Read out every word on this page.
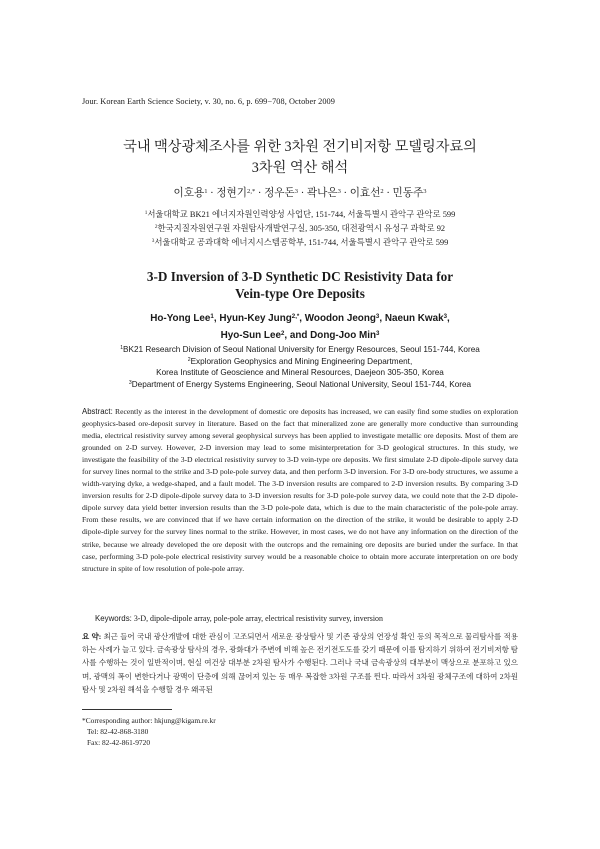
Jour. Korean Earth Science Society, v. 30, no. 6, p. 699−708, October 2009
국내 맥상광체조사를 위한 3차원 전기비저항 모델링자료의
3차원 역산 해석
이호용$^1$ · 정현기$^{2,*}$ · 정우돈$^3$ · 곽나은$^3$ · 이효선$^2$ · 민동주$^3$
$^1$서울대학교 BK21 에너지자원인력양성 사업단, 151-744, 서울특별시 관악구 관악로 599
$^2$한국지질자원연구원 자원탐사개발연구실, 305-350, 대전광역시 유성구 과학로 92
$^3$서울대학교 공과대학 에너지시스템공학부, 151-744, 서울특별시 관악구 관악로 599
3-D Inversion of 3-D Synthetic DC Resistivity Data for
Vein-type Ore Deposits
Ho-Yong Lee$^1$, Hyun-Key Jung$^{2,*}$, Woodon Jeong$^3$, Naeun Kwak$^3$,
Hyo-Sun Lee$^2$, and Dong-Joo Min$^3$
$^1$BK21 Research Division of Seoul National University for Energy Resources, Seoul 151-744, Korea
$^2$Exploration Geophysics and Mining Engineering Department,
Korea Institute of Geoscience and Mineral Resources, Daejeon 305-350, Korea
$^3$Department of Energy Systems Engineering, Seoul National University, Seoul 151-744, Korea
Abstract: Recently as the interest in the development of domestic ore deposits has increased, we can easily find some studies on exploration geophysics-based ore-deposit survey in literature. Based on the fact that mineralized zone are generally more conductive than surrounding media, electrical resistivity survey among several geophysical surveys has been applied to investigate metallic ore deposits. Most of them are grounded on 2-D survey. However, 2-D inversion may lead to some misinterpretation for 3-D geological structures. In this study, we investigate the feasibility of the 3-D electrical resistivity survey to 3-D vein-type ore deposits. We first simulate 2-D dipole-dipole survey data for survey lines normal to the strike and 3-D pole-pole survey data, and then perform 3-D inversion. For 3-D ore-body structures, we assume a width-varying dyke, a wedge-shaped, and a fault model. The 3-D inversion results are compared to 2-D inversion results. By comparing 3-D inversion results for 2-D dipole-dipole survey data to 3-D inversion results for 3-D pole-pole survey data, we could note that the 2-D dipole-dipole survey data yield better inversion results than the 3-D pole-pole data, which is due to the main characteristic of the pole-pole array. From these results, we are convinced that if we have certain information on the direction of the strike, it would be desirable to apply 2-D dipole-diple survey for the survey lines normal to the strike. However, in most cases, we do not have any information on the direction of the strike, because we already developed the ore deposit with the outcrops and the remaining ore deposits are buried under the surface. In that case, performing 3-D pole-pole electrical resistivity survey would be a reasonable choice to obtain more accurate interpretation on ore body structure in spite of low resolution of pole-pole array.
Keywords: 3-D, dipole-dipole array, pole-pole array, electrical resistivity survey, inversion
요 약: 최근 들어 국내 광산개발에 대한 관심이 고조되면서 새로운 광상탐사 및 기존 광상의 연장성 확인 등의 목적으로 물리탐사를 적용하는 사례가 늘고 있다. 금속광상 탐사의 경우, 광화대가 주변에 비해 높은 전기전도도를 갖기 때문에 이를 탐지하기 위하여 전기비저항 탐사를 수행하는 것이 일반적이며, 현실 여건상 대부분 2차원 탐사가 수행된다. 그러나 국내 금속광상의 대부분이 맥상으로 분포하고 있으며, 광맥의 폭이 변한다거나 광맥이 단층에 의해 끊어져 있는 등 매우 복잡한 3차원 구조를 띈다. 따라서 3차원 광체구조에 대하여 2차원 탐사 및 2차원 해석을 수행할 경우 왜곡된
*Corresponding author: hkjung@kigam.re.kr
Tel: 82-42-868-3180
Fax: 82-42-861-9720
